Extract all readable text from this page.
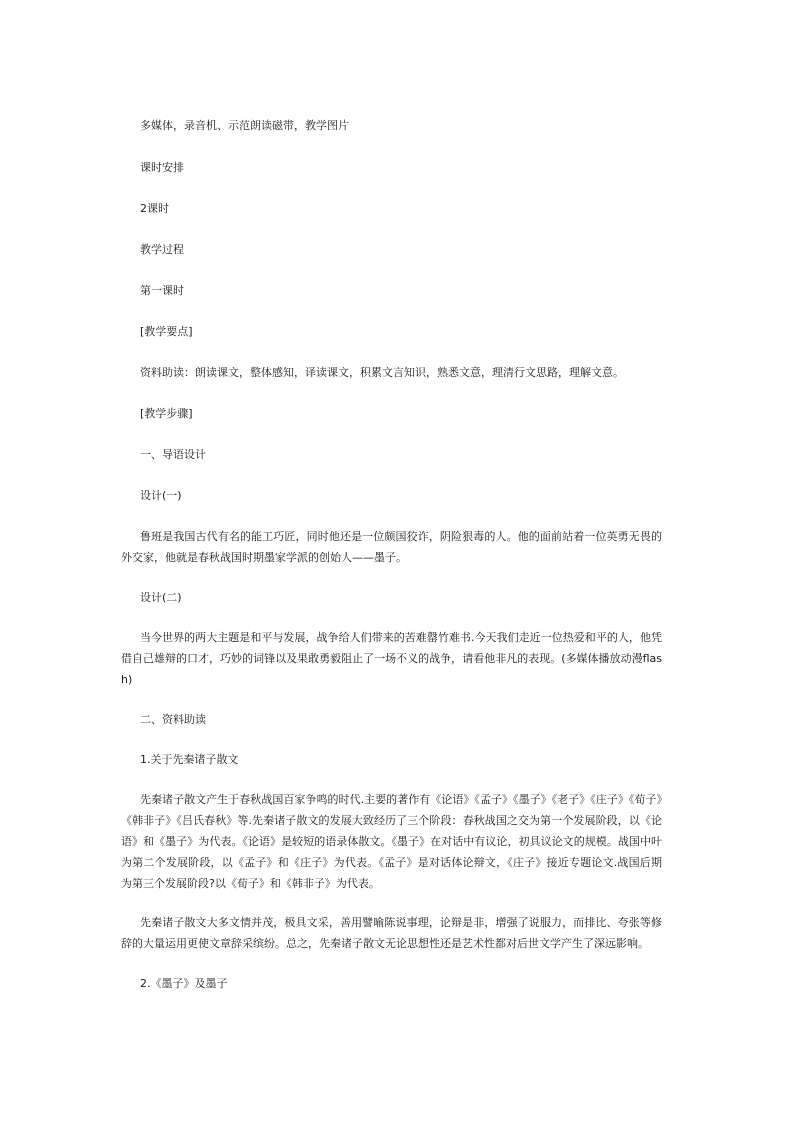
多媒体，录音机、示范朗读磁带，教学图片

课时安排

2课时

教学过程

第一课时

[教学要点]

资料助读：朗读课文，整体感知，译读课文，积累文言知识，熟悉文意，理清行文思路，理解文意。

[教学步骤]

一、导语设计

设计(一)

鲁班是我国古代有名的能工巧匠，同时他还是一位颇国狡诈，阴险狠毒的人。他的面前站着一位英勇无畏的外交家，他就是春秋战国时期墨家学派的创始人——墨子。

设计(二)

当今世界的两大主题是和平与发展，战争给人们带来的苦难罄竹难书.今天我们走近一位热爱和平的人，他凭借自己雄辩的口才，巧妙的词锋以及果敢勇毅阻止了一场不义的战争，请看他非凡的表现。(多媒体播放动漫flash)

二、资料助读

1.关于先秦诸子散文

先秦诸子散文产生于春秋战国百家争鸣的时代.主要的著作有《论语》《孟子》《墨子》《老子》《庄子》《荀子》《韩非子》《吕氏春秋》等.先秦诸子散文的发展大致经历了三个阶段：春秋战国之交为第一个发展阶段，以《论语》和《墨子》为代表。《论语》是较短的语录体散文。《墨子》在对话中有议论，初具议论文的规模。战国中叶为第二个发展阶段，以《孟子》和《庄子》为代表。《孟子》是对话体论辩文，《庄子》接近专题论文.战国后期为第三个发展阶段?以《荀子》和《韩非子》为代表。

先秦诸子散文大多文情并茂，极具文采，善用譬喻陈说事理，论辩是非，增强了说服力，而排比、夸张等修辞的大量运用更使文章辞采缤纷。总之，先秦诸子散文无论思想性还是艺术性都对后世文学产生了深远影响。

2.《墨子》及墨子
